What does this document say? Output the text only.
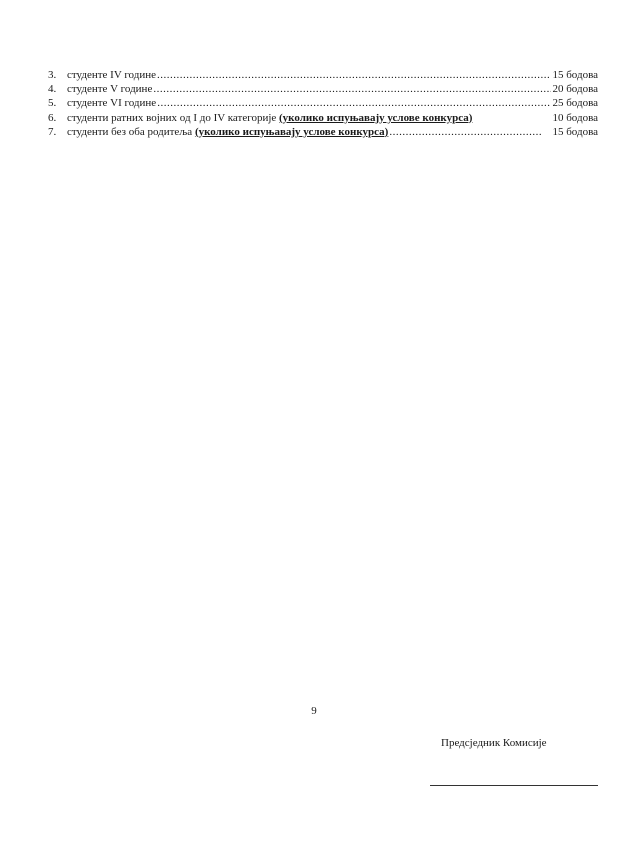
3. студенте IV године .....	15 бодова
4. студенте V године .....	20 бодова
5. студенте VI године .....	25 бодова
6. студенти ратних војних од I до IV категорије (уколико испуњавају услове конкурса)	10 бодова
7. студенти без оба родитеља (уколико испуњавају услове конкурса) .....	15 бодова
9
Предсједник Комисије
